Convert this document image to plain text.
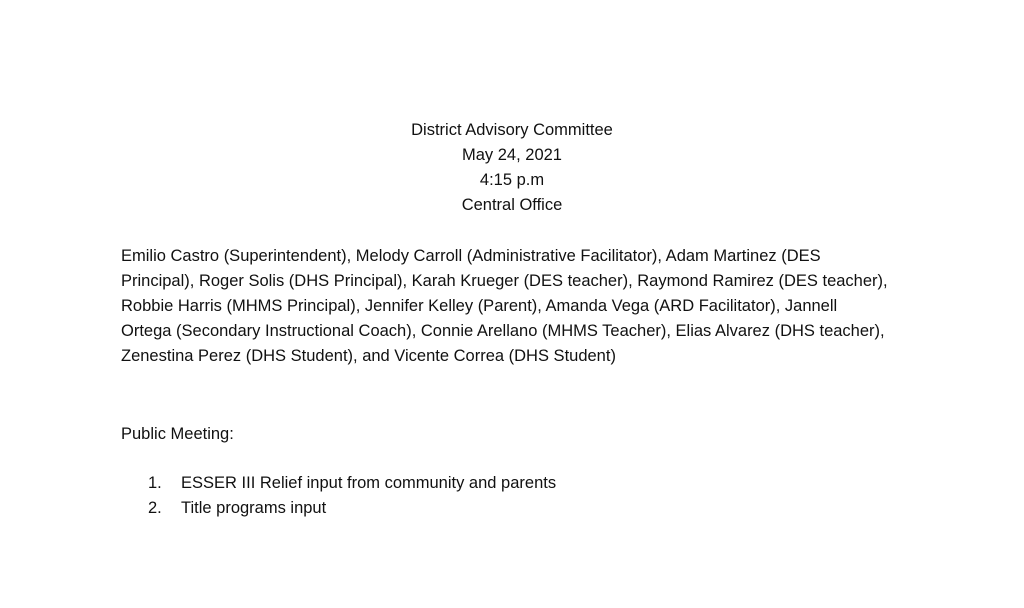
District Advisory Committee
May 24, 2021
4:15 p.m
Central Office

Emilio Castro (Superintendent), Melody Carroll (Administrative Facilitator), Adam Martinez (DES Principal), Roger Solis (DHS Principal), Karah Krueger (DES teacher), Raymond Ramirez (DES teacher), Robbie Harris (MHMS Principal), Jennifer Kelley (Parent), Amanda Vega (ARD Facilitator), Jannell Ortega (Secondary Instructional Coach), Connie Arellano (MHMS Teacher), Elias Alvarez (DHS teacher), Zenestina Perez (DHS Student), and Vicente Correa (DHS Student)

Public Meeting:

1. ESSER III Relief input from community and parents
2. Title programs input
